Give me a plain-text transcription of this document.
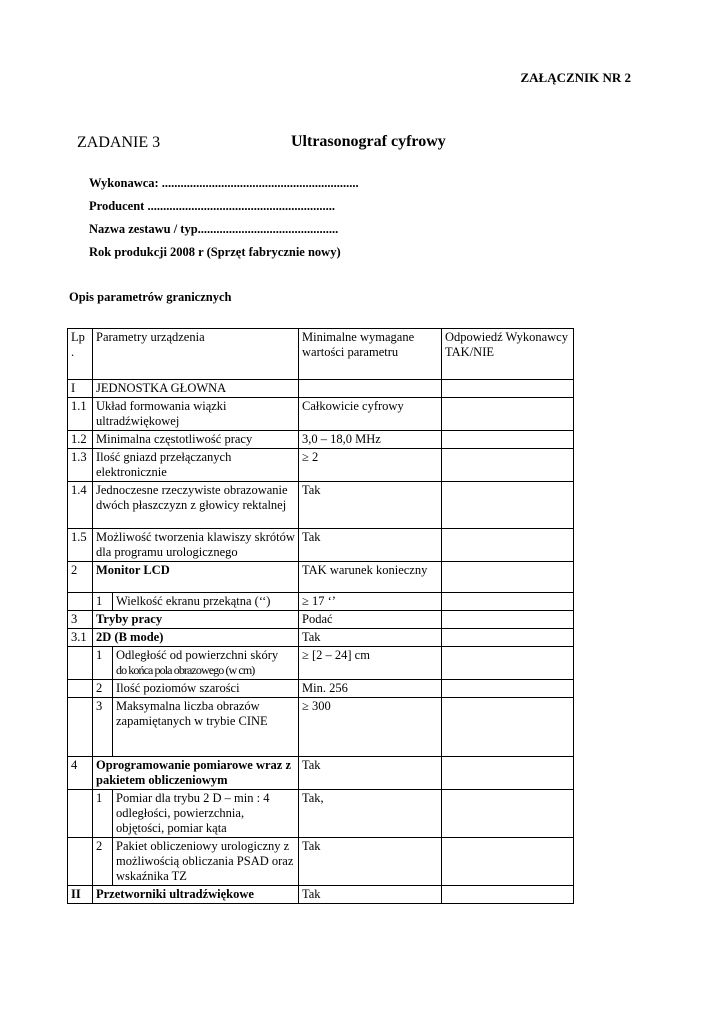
ZAŁĄCZNIK NR 2
ZADANIE 3	Ultrasonograf cyfrowy
Wykonawca: ...............................................................
Producent ............................................................
Nazwa zestawu / typ.............................................
Rok produkcji 2008 r (Sprzęt fabrycznie nowy)
Opis parametrów granicznych
Lp .	Parametry urządzenia		Minimalne wymagane wartości parametru	Odpowiedź Wykonawcy TAK/NIE
I	JEDNOSTKA GŁOWNA			
1.1	Układ formowania wiązki ultradźwiękowej		Całkowicie cyfrowy	
1.2	Minimalna częstotliwość pracy		3,0 – 18,0 MHz	
1.3	Ilość gniazd przełączanych elektronicznie		≥ 2	
1.4	Jednoczesne rzeczywiste obrazowanie dwóch płaszczyzn z głowicy rektalnej		Tak	
1.5	Możliwość tworzenia klawiszy skrótów dla programu urologicznego		Tak	
2	Monitor LCD		TAK warunek konieczny	
	1	Wielkość ekranu przekątna (‘‘)	≥ 17 ‘’	
3	Tryby pracy		Podać	
3.1	2D (B mode)		Tak	
	1	Odległość od powierzchni skóry
do końca pola obrazowego (w cm)	≥ [2 – 24] cm	
	2	Ilość poziomów szarości	Min. 256	
	3	Maksymalna liczba obrazów zapamiętanych w trybie CINE	≥ 300	
4	Oprogramowanie pomiarowe wraz z pakietem obliczeniowym		Tak	
	1	Pomiar dla trybu 2 D – min : 4 odległości, powierzchnia, objętości, pomiar kąta	Tak,	
	2	Pakiet obliczeniowy urologiczny z możliwością obliczania PSAD oraz wskaźnika TZ	Tak	
II	Przetworniki ultradźwiękowe		Tak	
